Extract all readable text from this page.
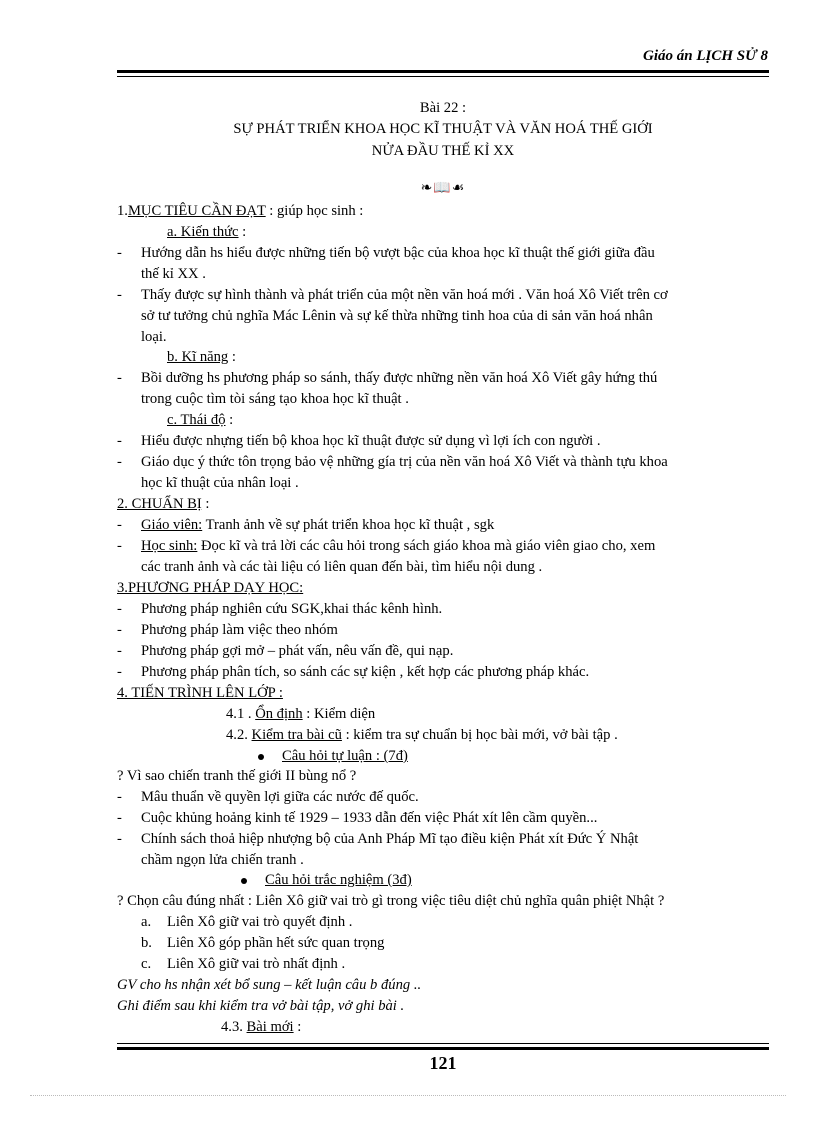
Giáo án LỊCH SỬ 8
Bài 22 :
SỰ PHÁT TRIỂN KHOA HỌC KĨ THUẬT VÀ VĂN HOÁ THẾ GIỚI
NỬA ĐẦU THẾ KỈ XX
❧📖☙
1.MỤC TIÊU CẦN ĐẠT : giúp học sinh :
a. Kiến thức :
- Hướng dẫn hs hiểu được những tiến bộ vượt bậc của khoa học kĩ thuật thế giới giữa đầu
thế kỉ XX .
- Thấy được sự hình thành và phát triển của một nền văn hoá mới . Văn hoá Xô Viết trên cơ
sở tư tưởng chủ nghĩa Mác Lênin và sự kế thừa những tinh hoa của di sản văn hoá nhân
loại.
b. Kĩ năng :
- Bồi dưỡng hs phương pháp so sánh, thấy được những nền văn hoá Xô Viết gây hứng thú
trong cuộc tìm tòi sáng tạo khoa học kĩ thuật .
c. Thái độ :
- Hiểu được nhựng tiến bộ khoa học kĩ thuật được sử dụng vì lợi ích con người .
- Giáo dục ý thức tôn trọng bảo vệ những gía trị của nền văn hoá Xô Viết và thành tựu khoa
học kĩ thuật của nhân loại .
2. CHUẨN BỊ :
- Giáo viên: Tranh ảnh về sự phát triển khoa học kĩ thuật , sgk
- Học sinh: Đọc kĩ và trả lời các câu hỏi trong sách giáo khoa mà giáo viên giao cho, xem
các tranh ảnh và các tài liệu có liên quan đến bài, tìm hiểu nội dung .
3.PHƯƠNG PHÁP DẠY HỌC:
- Phương pháp nghiên cứu SGK,khai thác kênh hình.
- Phương pháp làm việc theo nhóm
- Phương pháp gợi mở – phát vấn, nêu vấn đề, qui nạp.
- Phương pháp phân tích, so sánh các sự kiện , kết hợp các phương pháp khác.
4. TIẾN TRÌNH LÊN LỚP :
4.1 . Ổn định : Kiểm diện
4.2. Kiểm tra bài cũ : kiểm tra sự chuẩn bị học bài mới, vở bài tập .
Câu hỏi tự luận : (7đ)
? Vì sao chiến tranh thế giới II bùng nổ ?
- Mâu thuẩn về quyền lợi giữa các nước đế quốc.
- Cuộc khủng hoảng kinh tế 1929 – 1933 dẫn đến việc Phát xít lên cầm quyền...
- Chính sách thoả hiệp nhượng bộ của Anh Pháp Mĩ tạo điều kiện Phát xít Đức Ý Nhật
chầm ngọn lửa chiến tranh .
Câu hỏi trắc nghiệm (3đ)
? Chọn câu đúng nhất : Liên Xô giữ vai trò gì trong việc tiêu diệt chủ nghĩa quân phiệt Nhật ?
a. Liên Xô giữ vai trò quyết định .
b. Liên Xô góp phần hết sức quan trọng
c. Liên Xô giữ vai trò nhất định .
GV cho hs nhận xét bổ sung – kết luận câu b đúng ..
Ghi điểm sau khi kiểm tra vở bài tập, vở ghi bài .
4.3. Bài mới :
121
